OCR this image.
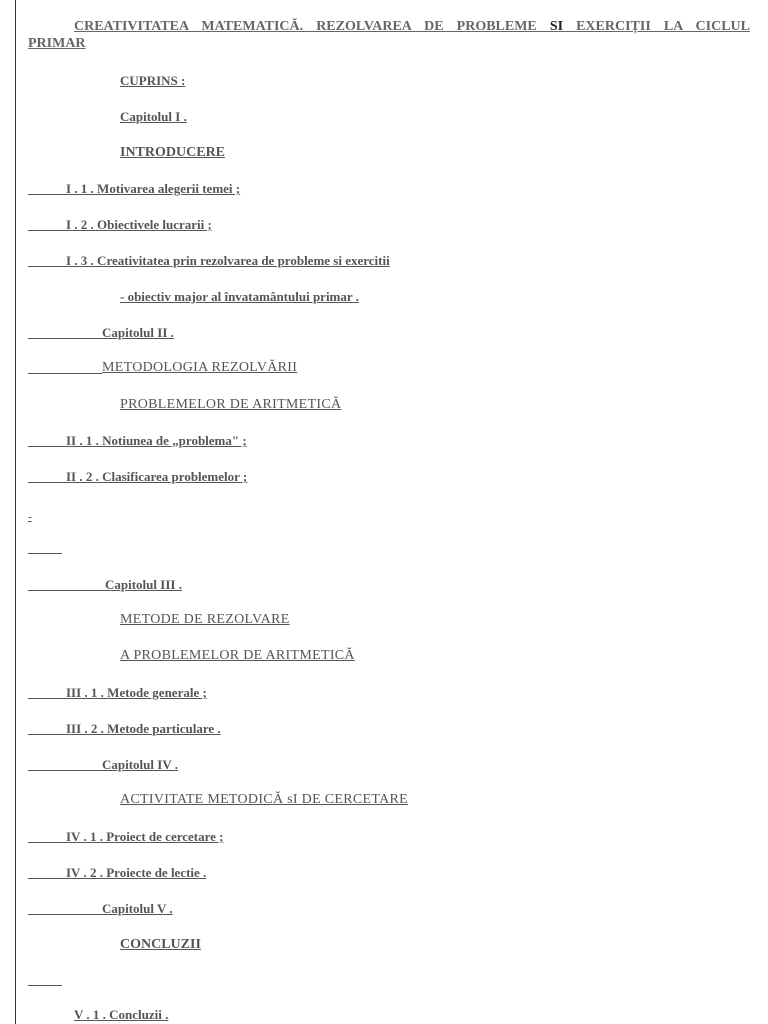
CREATIVITATEA MATEMATICĂ. REZOLVAREA DE PROBLEME SI EXERCIȚII LA CICLUL PRIMAR
CUPRINS :
Capitolul I .
INTRODUCERE
I . 1 . Motivarea alegerii temei ;
I . 2 . Obiectivele lucrarii ;
I . 3 . Creativitatea prin rezolvarea de probleme si exercitii
- obiectiv major al învatamântului primar .
Capitolul II .
METODOLOGIA REZOLVĂRII
PROBLEMELOR DE ARITMETICĂ
II . 1 . Notiunea de „problema" ;
II . 2 . Clasificarea problemelor ;
-
Capitolul III .
METODE DE REZOLVARE
A PROBLEMELOR DE ARITMETICĂ
III . 1 . Metode generale ;
III . 2 . Metode particulare .
Capitolul IV .
ACTIVITATE METODICĂ sI DE CERCETARE
IV . 1 . Proiect de cercetare ;
IV . 2 . Proiecte de lectie .
Capitolul V .
CONCLUZII
V . 1 . Concluzii .
